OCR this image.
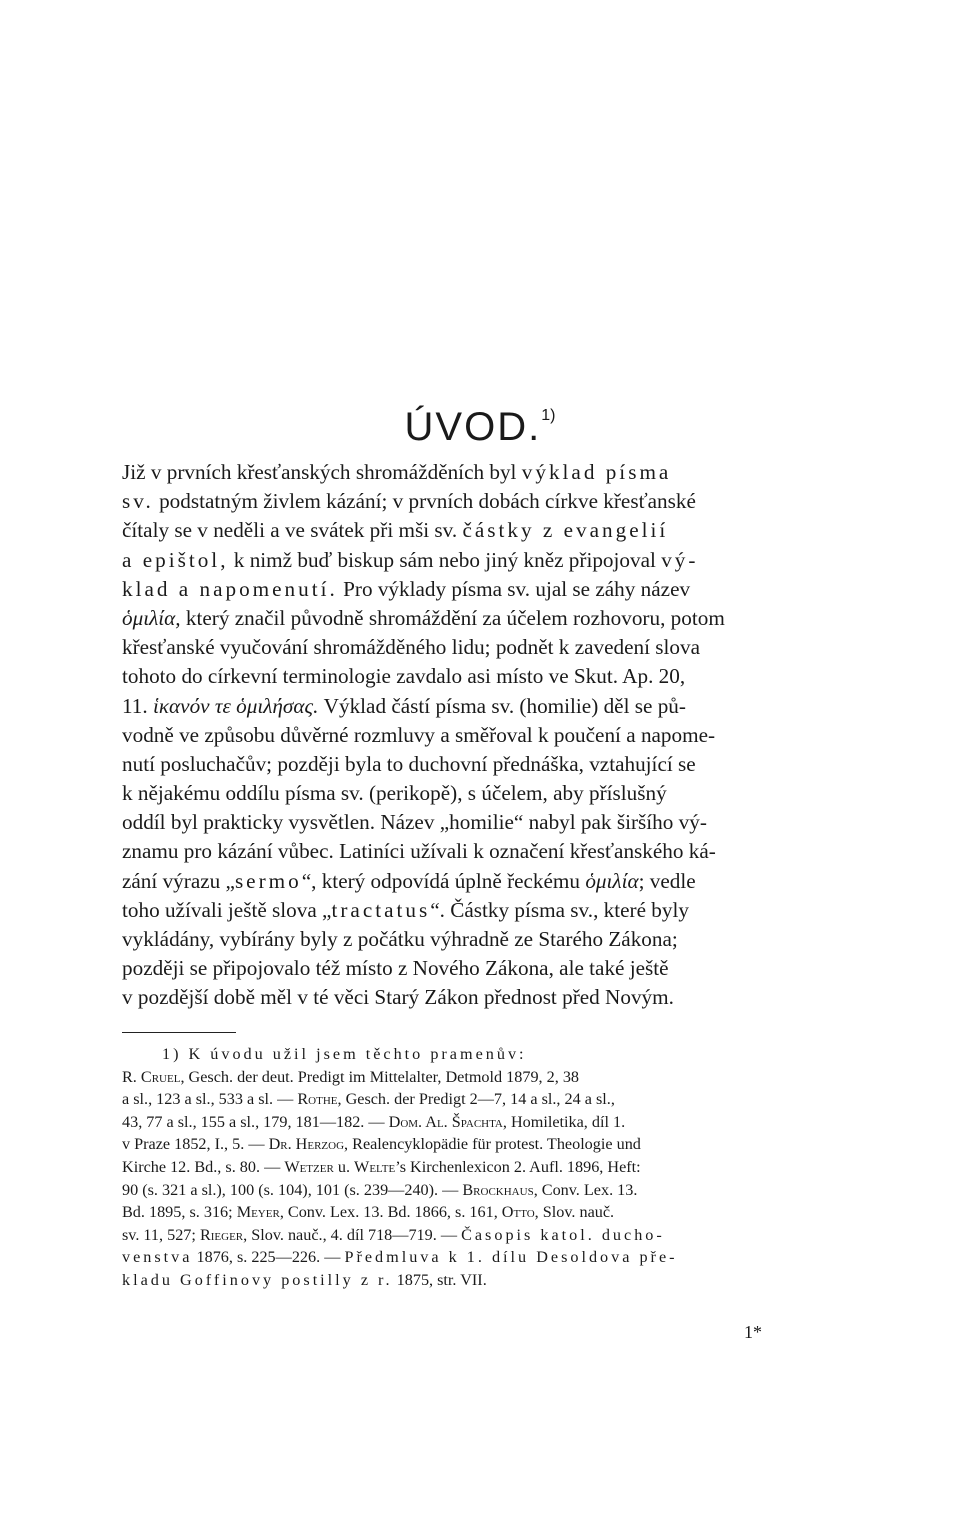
ÚVOD.$^{1)}$
Již v prvních křesťanských shromážděních byl výklad písma
sv. podstatným živlem kázání; v prvních dobách církve křesťanské
čítaly se v neděli a ve svátek při mši sv. částky z evangelií
a epištol, k nimž buď biskup sám nebo jiný kněz připojoval vý-
klad a napomenutí. Pro výklady písma sv. ujal se záhy název
ὁμιλία, který značil původně shromáždění za účelem rozhovoru, potom
křesťanské vyučování shromážděného lidu; podnět k zavedení slova
tohoto do církevní terminologie zavdalo asi místo ve Skut. Ap. 20,
11. ἱκανόν τε ὁμιλήσας. Výklad částí písma sv. (homilie) děl se pů-
vodně ve způsobu důvěrné rozmluvy a směřoval k poučení a napome-
nutí posluchačův; později byla to duchovní přednáška, vztahující se
k nějakému oddílu písma sv. (perikopě), s účelem, aby příslušný
oddíl byl prakticky vysvětlen. Název „homilie“ nabyl pak širšího vý-
znamu pro kázání vůbec. Latiníci užívali k označení křesťanského ká-
zání výrazu „sermo“, který odpovídá úplně řeckému ὁμιλία; vedle
toho užívali ještě slova „tractatus“. Částky písma sv., které byly
vykládány, vybírány byly z počátku výhradně ze Starého Zákona;
později se připojovalo též místo z Nového Zákona, ale také ještě
v pozdější době měl v té věci Starý Zákon přednost před Novým.
1) K úvodu užil jsem těchto pramenův:
R. Cruel, Gesch. der deut. Predigt im Mittelalter, Detmold 1879, 2, 38
a sl., 123 a sl., 533 a sl. — Rothe, Gesch. der Predigt 2—7, 14 a sl., 24 a sl.,
43, 77 a sl., 155 a sl., 179, 181—182. — Dom. Al. Špachta, Homiletika, díl 1.
v Praze 1852, I., 5. — Dr. Herzog, Realencyklopädie für protest. Theologie und
Kirche 12. Bd., s. 80. — Wetzer u. Welte’s Kirchenlexicon 2. Aufl. 1896, Heft:
90 (s. 321 a sl.), 100 (s. 104), 101 (s. 239—240). — Brockhaus, Conv. Lex. 13.
Bd. 1895, s. 316; Meyer, Conv. Lex. 13. Bd. 1866, s. 161, Otto, Slov. nauč.
sv. 11, 527; Rieger, Slov. nauč., 4. díl 718—719. — Časopis katol. ducho-
venstva 1876, s. 225—226. — Předmluva k 1. dílu Desoldova pře-
kladu Goffinovy postilly z r. 1875, str. VII.
1*
